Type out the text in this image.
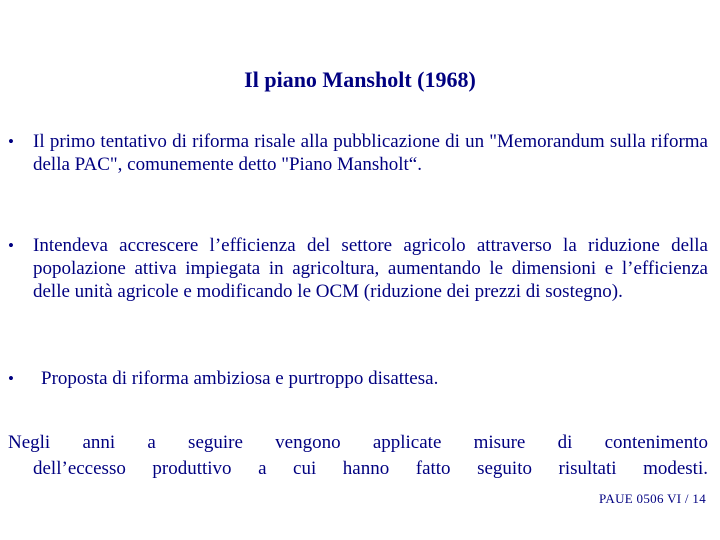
Il piano Mansholt (1968)
•	Il primo tentativo di riforma risale alla pubblicazione di un "Memorandum sulla riforma della PAC", comunemente detto "Piano Mansholt“.
•	Intendeva accrescere l’efficienza del settore agricolo attraverso la riduzione della popolazione attiva impiegata in agricoltura, aumentando le dimensioni e l’efficienza delle unità agricole e modificando le OCM (riduzione dei prezzi di sostegno).
•	Proposta di riforma ambiziosa e purtroppo disattesa.
Negli anni a seguire vengono applicate misure di contenimento
dell’eccesso produttivo a cui hanno fatto seguito risultati modesti.
PAUE 0506 VI / 14
